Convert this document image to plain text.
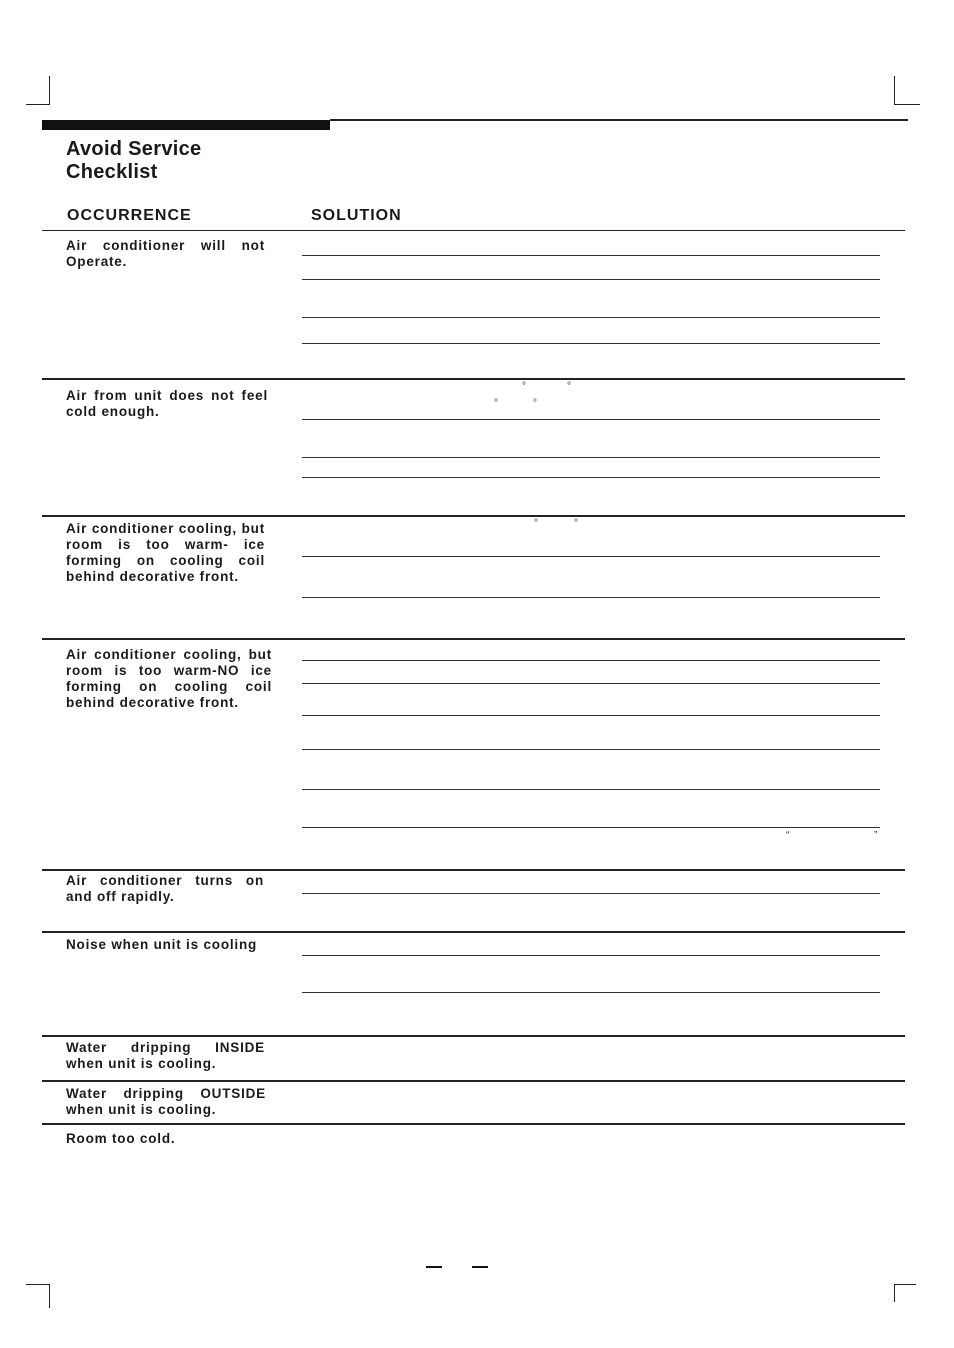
Avoid Service
Checklist
OCCURRENCE	SOLUTION

Air conditioner will not Operate.

Air from unit does not feel cold enough.

Air conditioner cooling, but room is too warm- ice forming on cooling coil behind decorative front.

Air conditioner cooling, but room is too warm-NO ice forming on cooling coil behind decorative front.

Air conditioner turns on and off rapidly.

Noise when unit is cooling

Water dripping INSIDE when unit is cooling.

Water dripping OUTSIDE when unit is cooling.

Room too cold.

°	°
°	°
°	°
“	”
